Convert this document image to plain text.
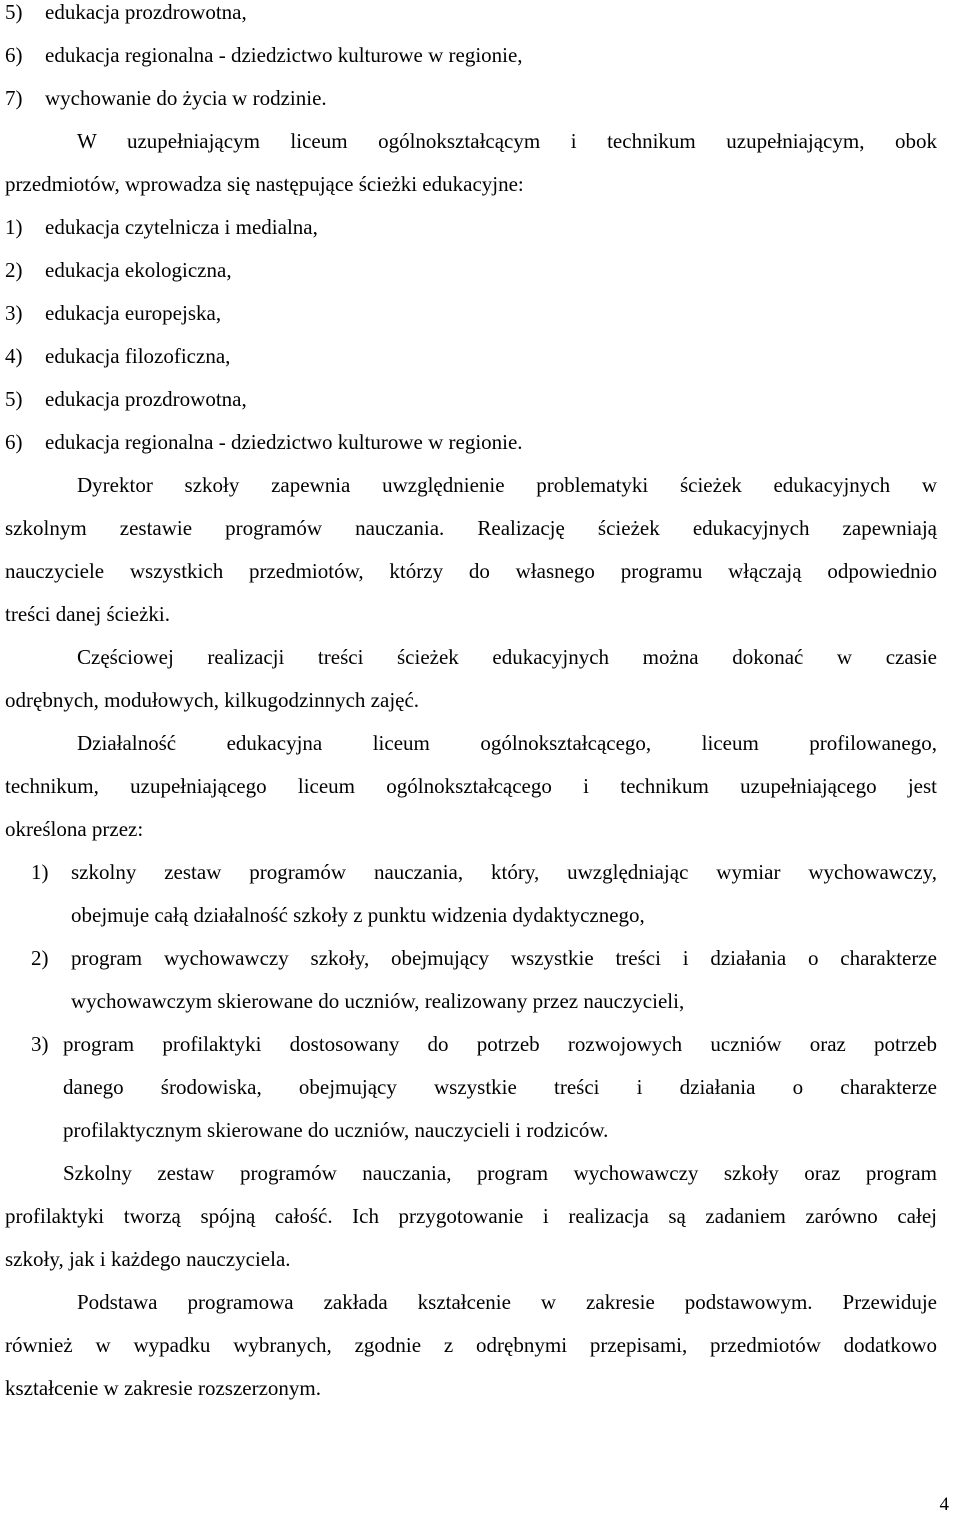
5)	edukacja prozdrowotna,
6)	edukacja regionalna - dziedzictwo kulturowe w regionie,
7)	wychowanie do życia w rodzinie.
W uzupełniającym liceum ogólnokształcącym i technikum uzupełniającym, obok
przedmiotów, wprowadza się następujące ścieżki edukacyjne:
1)	edukacja czytelnicza i medialna,
2)	edukacja ekologiczna,
3)	edukacja europejska,
4)	edukacja filozoficzna,
5)	edukacja prozdrowotna,
6)	edukacja regionalna - dziedzictwo kulturowe w regionie.
Dyrektor szkoły zapewnia uwzględnienie problematyki ścieżek edukacyjnych w
szkolnym zestawie programów nauczania. Realizację ścieżek edukacyjnych zapewniają
nauczyciele wszystkich przedmiotów, którzy do własnego programu włączają odpowiednio
treści danej ścieżki.
Częściowej realizacji treści ścieżek edukacyjnych można dokonać w czasie
odrębnych, modułowych, kilkugodzinnych zajęć.
Działalność edukacyjna liceum ogólnokształcącego, liceum profilowanego,
technikum, uzupełniającego liceum ogólnokształcącego i technikum uzupełniającego jest
określona przez:
1)	szkolny zestaw programów nauczania, który, uwzględniając wymiar wychowawczy,
obejmuje całą działalność szkoły z punktu widzenia dydaktycznego,
2)	program wychowawczy szkoły, obejmujący wszystkie treści i działania o charakterze
wychowawczym skierowane do uczniów, realizowany przez nauczycieli,
3) program profilaktyki dostosowany do potrzeb rozwojowych uczniów oraz potrzeb
danego środowiska, obejmujący wszystkie treści i działania o charakterze
profilaktycznym skierowane do uczniów, nauczycieli i rodziców.
Szkolny zestaw programów nauczania, program wychowawczy szkoły oraz program
profilaktyki tworzą spójną całość. Ich przygotowanie i realizacja są zadaniem zarówno całej
szkoły, jak i każdego nauczyciela.
Podstawa programowa zakłada kształcenie w zakresie podstawowym. Przewiduje
również w wypadku wybranych, zgodnie z odrębnymi przepisami, przedmiotów dodatkowo
kształcenie w zakresie rozszerzonym.
4
